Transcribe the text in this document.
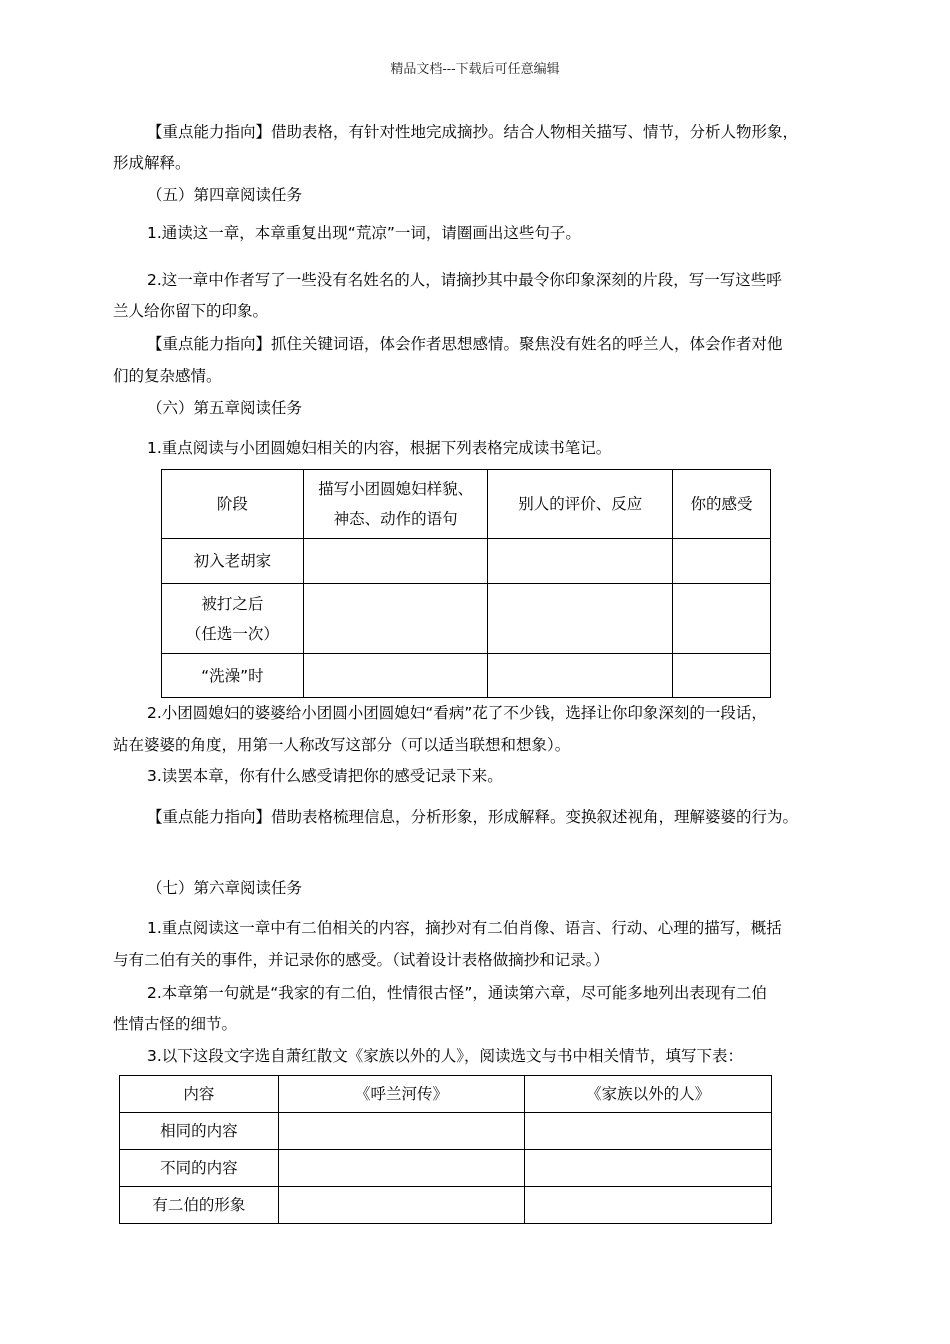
精品文档---下载后可任意编辑
【重点能力指向】借助表格，有针对性地完成摘抄。结合人物相关描写、情节，分析人物形象，
形成解释。
（五）第四章阅读任务
1.通读这一章，本章重复出现“荒凉”一词，请圈画出这些句子。
2.这一章中作者写了一些没有名姓名的人，请摘抄其中最令你印象深刻的片段，写一写这些呼
兰人给你留下的印象。
【重点能力指向】抓住关键词语，体会作者思想感情。聚焦没有姓名的呼兰人，体会作者对他
们的复杂感情。
（六）第五章阅读任务
1.重点阅读与小团圆媳妇相关的内容，根据下列表格完成读书笔记。
阶段	描写小团圆媳妇样貌、
神态、动作的语句	别人的评价、反应	你的感受
初入老胡家			

被打之后
（任选一次）			

“洗澡”时			
2.小团圆媳妇的婆婆给小团圆小团圆媳妇“看病”花了不少钱，选择让你印象深刻的一段话，
站在婆婆的角度，用第一人称改写这部分（可以适当联想和想象）。
3.读罢本章，你有什么感受请把你的感受记录下来。
【重点能力指向】借助表格梳理信息，分析形象，形成解释。变换叙述视角，理解婆婆的行为。
（七）第六章阅读任务
1.重点阅读这一章中有二伯相关的内容，摘抄对有二伯肖像、语言、行动、心理的描写，概括
与有二伯有关的事件，并记录你的感受。（试着设计表格做摘抄和记录。）
2.本章第一句就是“我家的有二伯，性情很古怪”，通读第六章，尽可能多地列出表现有二伯
性情古怪的细节。
3.以下这段文字选自萧红散文《家族以外的人》，阅读选文与书中相关情节，填写下表：
内容	《呼兰河传》	《家族以外的人》
相同的内容		
不同的内容		
有二伯的形象		
